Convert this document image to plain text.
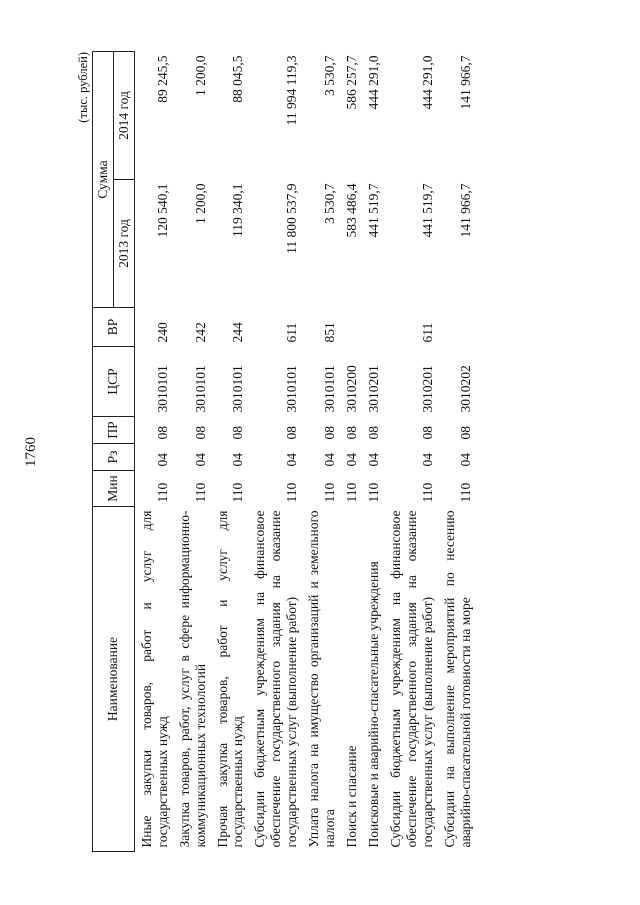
1760
(тыс. рублей)
Наименование	Мин	Рз	ПР	ЦСР	ВР	Сумма	
						2013 год	2014 год
Иные закупки товаров, работ и услуг для государственных нужд	110	04	08	3010101	240	120 540,1	89 245,5
Закупка товаров, работ, услуг в сфере информационно-коммуникационных технологий	110	04	08	3010101	242	1 200,0	1 200,0
Прочая закупка товаров, работ и услуг для государственных нужд	110	04	08	3010101	244	119 340,1	88 045,5
Субсидии бюджетным учреждениям на финансовое обеспечение государственного задания на оказание государственных услуг (выполнение работ)	110	04	08	3010101	611	11 800 537,9	11 994 119,3
Уплата налога на имущество организаций и земельного налога	110	04	08	3010101	851	3 530,7	3 530,7
Поиск и спасание	110	04	08	3010200		583 486,4	586 257,7
Поисковые и аварийно-спасательные учреждения	110	04	08	3010201		441 519,7	444 291,0
Субсидии бюджетным учреждениям на финансовое обеспечение государственного задания на оказание государственных услуг (выполнение работ)	110	04	08	3010201	611	441 519,7	444 291,0
Субсидии на выполнение мероприятий по несению аварийно-спасательной готовности на море	110	04	08	3010202		141 966,7	141 966,7
